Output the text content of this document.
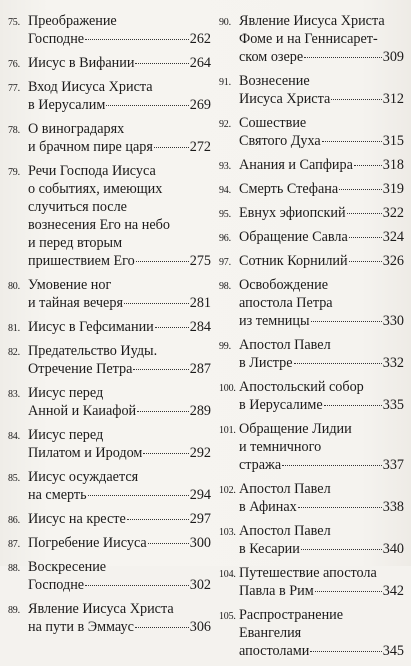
75. Преображение
Господне	262
76. Иисус в Вифании	264
77. Вход Иисуса Христа
в Иерусалим	269
78. О виноградарях
и брачном пире царя	272
79. Речи Господа Иисуса
о событиях, имеющих
случиться после
вознесения Его на небо
и перед вторым
пришествием Его	275
80. Умовение ног
и тайная вечеря	281
81. Иисус в Гефсимании	284
82. Предательство Иуды.
Отречение Петра	287
83. Иисус перед
Анной и Каиафой	289
84. Иисус перед
Пилатом и Иродом	292
85. Иисус осуждается
на смерть	294
86. Иисус на кресте	297
87. Погребение Иисуса	300
88. Воскресение
Господне	302
89. Явление Иисуса Христа
на пути в Эммаус	306
90. Явление Иисуса Христа
Фоме и на Геннисарет-
ском озере	309
91. Вознесение
Иисуса Христа	312
92. Сошествие
Святого Духа	315
93. Анания и Сапфира 318
94. Смерть Стефана	319
95. Евнух эфиопский	322
96. Обращение Савла 324
97. Сотник Корнилий 326
98. Освобождение
апостола Петра
из темницы	330
99. Апостол Павел
в Листре	332
100. Апостольский собор
в Иерусалиме	335
101. Обращение Лидии
и темничного
стража	337
102. Апостол Павел
в Афинах	338
103. Апостол Павел
в Кесарии	340
104. Путешествие апостола
Павла в Рим	342
105. Распространение
Евангелия
апостолами	345
